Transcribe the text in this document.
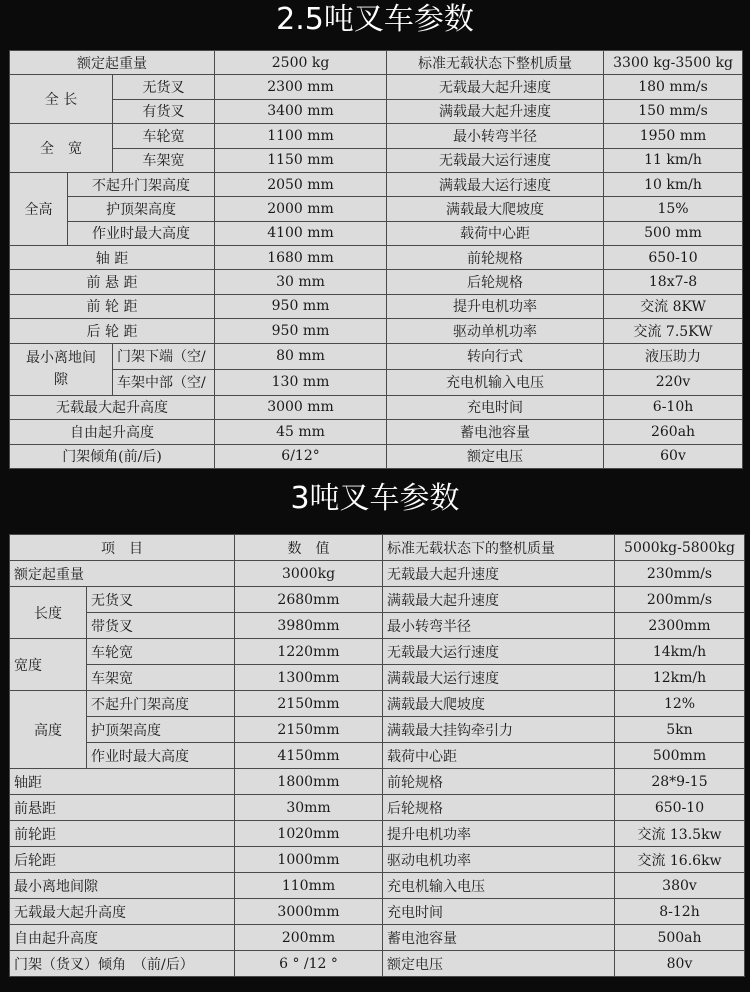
2.5吨叉车参数
额定起重量			2500 kg	标准无载状态下整机质量	3300 kg-3500 kg
全 长		无货叉	2300 mm	无载最大起升速度	180 mm/s
		有货叉	3400 mm	满载最大起升速度	150 mm/s
全　宽		车轮宽	1100 mm	最小转弯半径	1950 mm
		车架宽	1150 mm	无载最大运行速度	11 km/h
全高	不起升门架高度		2050 mm	满载最大运行速度	10 km/h
	护顶架高度		2000 mm	满载最大爬坡度	15%
	作业时最大高度		4100 mm	载荷中心距	500 mm
轴 距			1680 mm	前轮规格	650-10
前 悬 距			30 mm	后轮规格	18x7-8
前 轮 距			950 mm	提升电机功率	交流 8KW
后 轮 距			950 mm	驱动单机功率	交流 7.5KW
最小离地间隙		门架下端（空/	80 mm	转向行式	液压助力
		车架中部（空/	130 mm	充电机输入电压	220v
无载最大起升高度			3000 mm	充电时间	6-10h
自由起升高度			45 mm	蓄电池容量	260ah
门架倾角(前/后)			6/12°	额定电压	60v
3吨叉车参数
项　目		数　值	标准无载状态下的整机质量	5000kg-5800kg
额定起重量		3000kg	无载最大起升速度	230mm/s
长度	无货叉	2680mm	满载最大起升速度	200mm/s
	带货叉	3980mm	最小转弯半径	2300mm
宽度	车轮宽	1220mm	无载最大运行速度	14km/h
	车架宽	1300mm	满载最大运行速度	12km/h
高度	不起升门架高度	2150mm	满载最大爬坡度	12%
	护顶架高度	2150mm	满载最大挂钩牵引力	5kn
	作业时最大高度	4150mm	载荷中心距	500mm
轴距		1800mm	前轮规格	28*9-15
前悬距		30mm	后轮规格	650-10
前轮距		1020mm	提升电机功率	交流 13.5kw
后轮距		1000mm	驱动电机功率	交流 16.6kw
最小离地间隙		110mm	充电机输入电压	380v
无载最大起升高度		3000mm	充电时间	8-12h
自由起升高度		200mm	蓄电池容量	500ah
门架（货叉）倾角　（前/后）		6 ° /12 °	额定电压	80v
